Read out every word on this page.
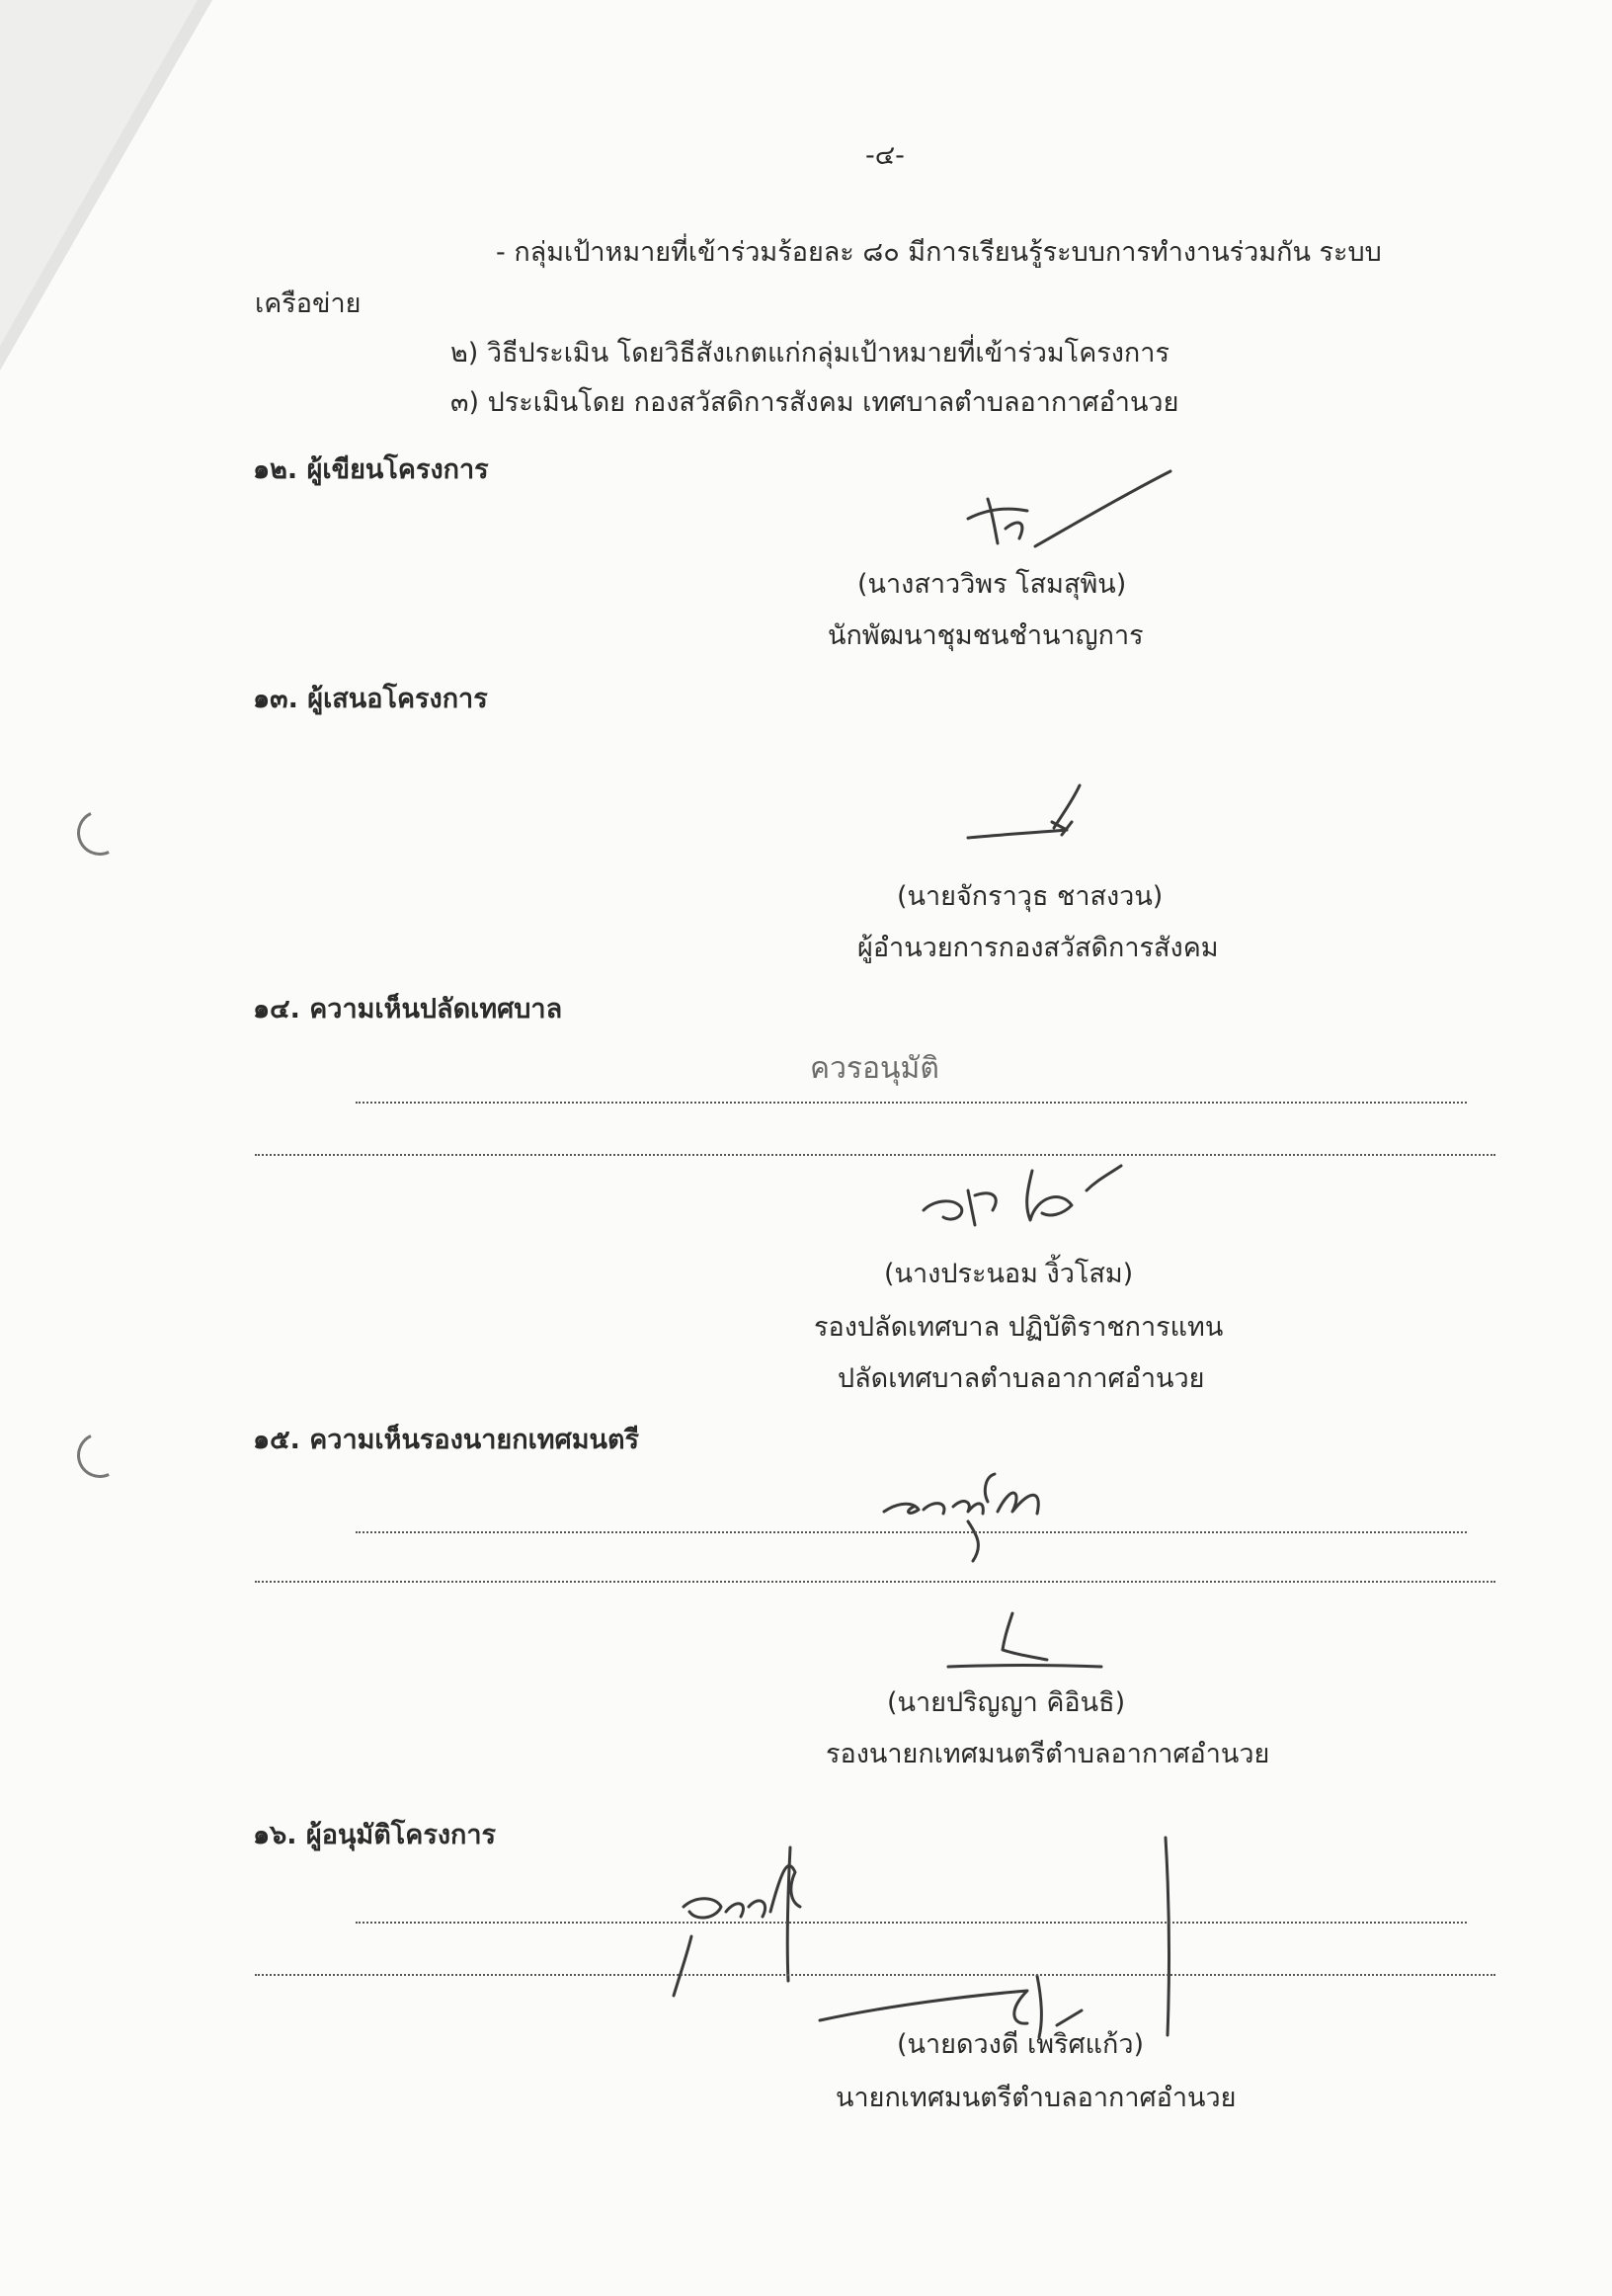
-๔-
- กลุ่มเป้าหมายที่เข้าร่วมร้อยละ ๘๐ มีการเรียนรู้ระบบการทำงานร่วมกัน ระบบ
เครือข่าย
๒) วิธีประเมิน โดยวิธีสังเกตแก่กลุ่มเป้าหมายที่เข้าร่วมโครงการ
๓) ประเมินโดย กองสวัสดิการสังคม เทศบาลตำบลอากาศอำนวย
๑๒. ผู้เขียนโครงการ
(นางสาววิพร โสมสุพิน)
นักพัฒนาชุมชนชำนาญการ
๑๓. ผู้เสนอโครงการ
(นายจักราวุธ ชาสงวน)
ผู้อำนวยการกองสวัสดิการสังคม
๑๔. ความเห็นปลัดเทศบาล
ควรอนุมัติ
(นางประนอม งิ้วโสม)
รองปลัดเทศบาล ปฏิบัติราชการแทน
ปลัดเทศบาลตำบลอากาศอำนวย
๑๕. ความเห็นรองนายกเทศมนตรี
(นายปริญญา คิอินธิ)
รองนายกเทศมนตรีตำบลอากาศอำนวย
๑๖. ผู้อนุมัติโครงการ
(นายดวงดี เพริศแก้ว)
นายกเทศมนตรีตำบลอากาศอำนวย
